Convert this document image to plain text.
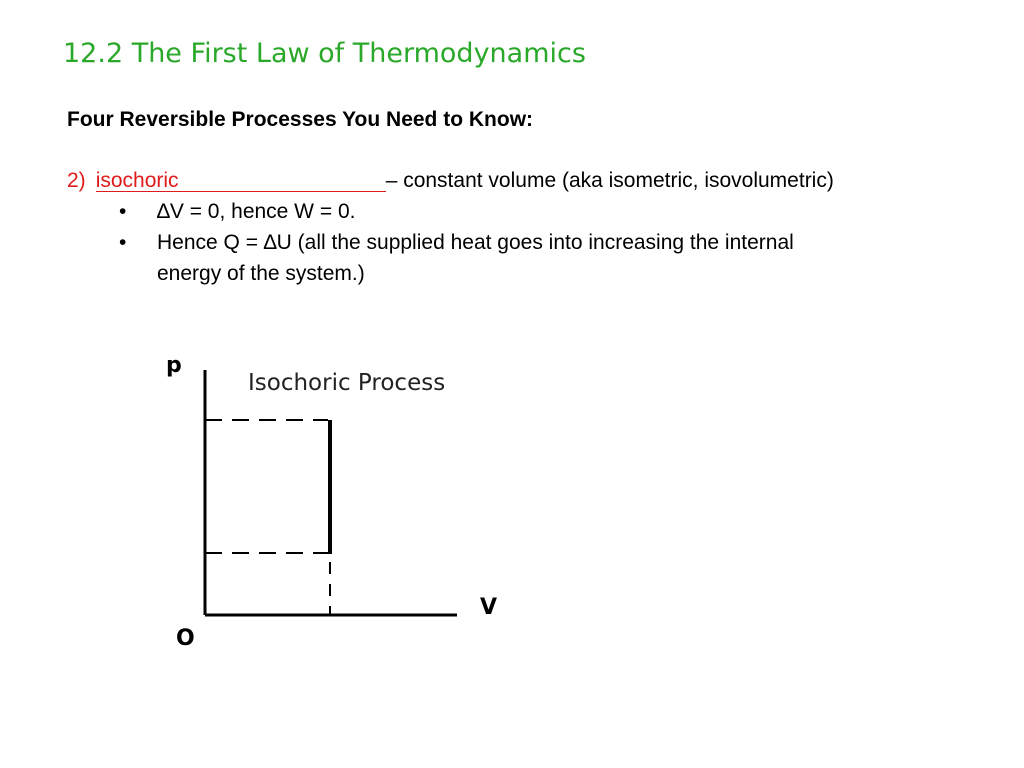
12.2 The First Law of Thermodynamics
Four Reversible Processes You Need to Know:
2) isochoric	– constant volume (aka isometric, isovolumetric)
• ∆V = 0, hence W = 0.
• Hence Q = ∆U (all the supplied heat goes into increasing the internal
energy of the system.)
p
V
O
Isochoric Process
